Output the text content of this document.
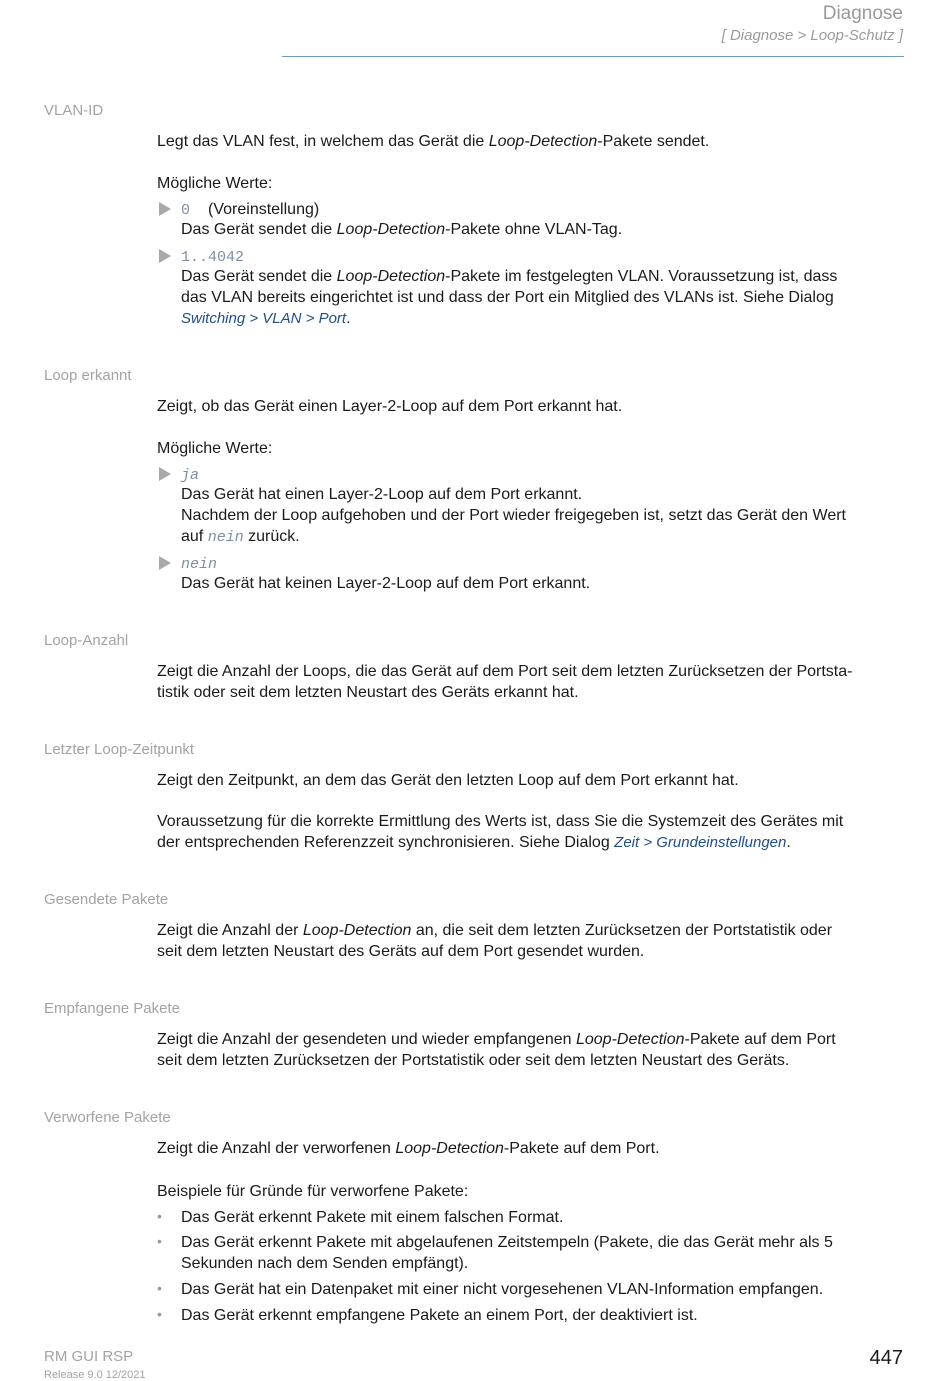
Diagnose
[ Diagnose > Loop-Schutz ]
VLAN-ID
Legt das VLAN fest, in welchem das Gerät die Loop-Detection-Pakete sendet.
Mögliche Werte:
0 (Voreinstellung)
Das Gerät sendet die Loop-Detection-Pakete ohne VLAN-Tag.
1..4042
Das Gerät sendet die Loop-Detection-Pakete im festgelegten VLAN. Voraussetzung ist, dass
das VLAN bereits eingerichtet ist und dass der Port ein Mitglied des VLANs ist. Siehe Dialog
Switching > VLAN > Port.
Loop erkannt
Zeigt, ob das Gerät einen Layer-2-Loop auf dem Port erkannt hat.
Mögliche Werte:
ja
Das Gerät hat einen Layer-2-Loop auf dem Port erkannt.
Nachdem der Loop aufgehoben und der Port wieder freigegeben ist, setzt das Gerät den Wert
auf nein zurück.
nein
Das Gerät hat keinen Layer-2-Loop auf dem Port erkannt.
Loop-Anzahl
Zeigt die Anzahl der Loops, die das Gerät auf dem Port seit dem letzten Zurücksetzen der Portsta-
tistik oder seit dem letzten Neustart des Geräts erkannt hat.
Letzter Loop-Zeitpunkt
Zeigt den Zeitpunkt, an dem das Gerät den letzten Loop auf dem Port erkannt hat.
Voraussetzung für die korrekte Ermittlung des Werts ist, dass Sie die Systemzeit des Gerätes mit
der entsprechenden Referenzzeit synchronisieren. Siehe Dialog Zeit > Grundeinstellungen.
Gesendete Pakete
Zeigt die Anzahl der Loop-Detection an, die seit dem letzten Zurücksetzen der Portstatistik oder
seit dem letzten Neustart des Geräts auf dem Port gesendet wurden.
Empfangene Pakete
Zeigt die Anzahl der gesendeten und wieder empfangenen Loop-Detection-Pakete auf dem Port
seit dem letzten Zurücksetzen der Portstatistik oder seit dem letzten Neustart des Geräts.
Verworfene Pakete
Zeigt die Anzahl der verworfenen Loop-Detection-Pakete auf dem Port.
Beispiele für Gründe für verworfene Pakete:
• Das Gerät erkennt Pakete mit einem falschen Format.
• Das Gerät erkennt Pakete mit abgelaufenen Zeitstempeln (Pakete, die das Gerät mehr als 5
Sekunden nach dem Senden empfängt).
• Das Gerät hat ein Datenpaket mit einer nicht vorgesehenen VLAN-Information empfangen.
• Das Gerät erkennt empfangene Pakete an einem Port, der deaktiviert ist.
RM GUI RSP
Release 9.0 12/2021
447
